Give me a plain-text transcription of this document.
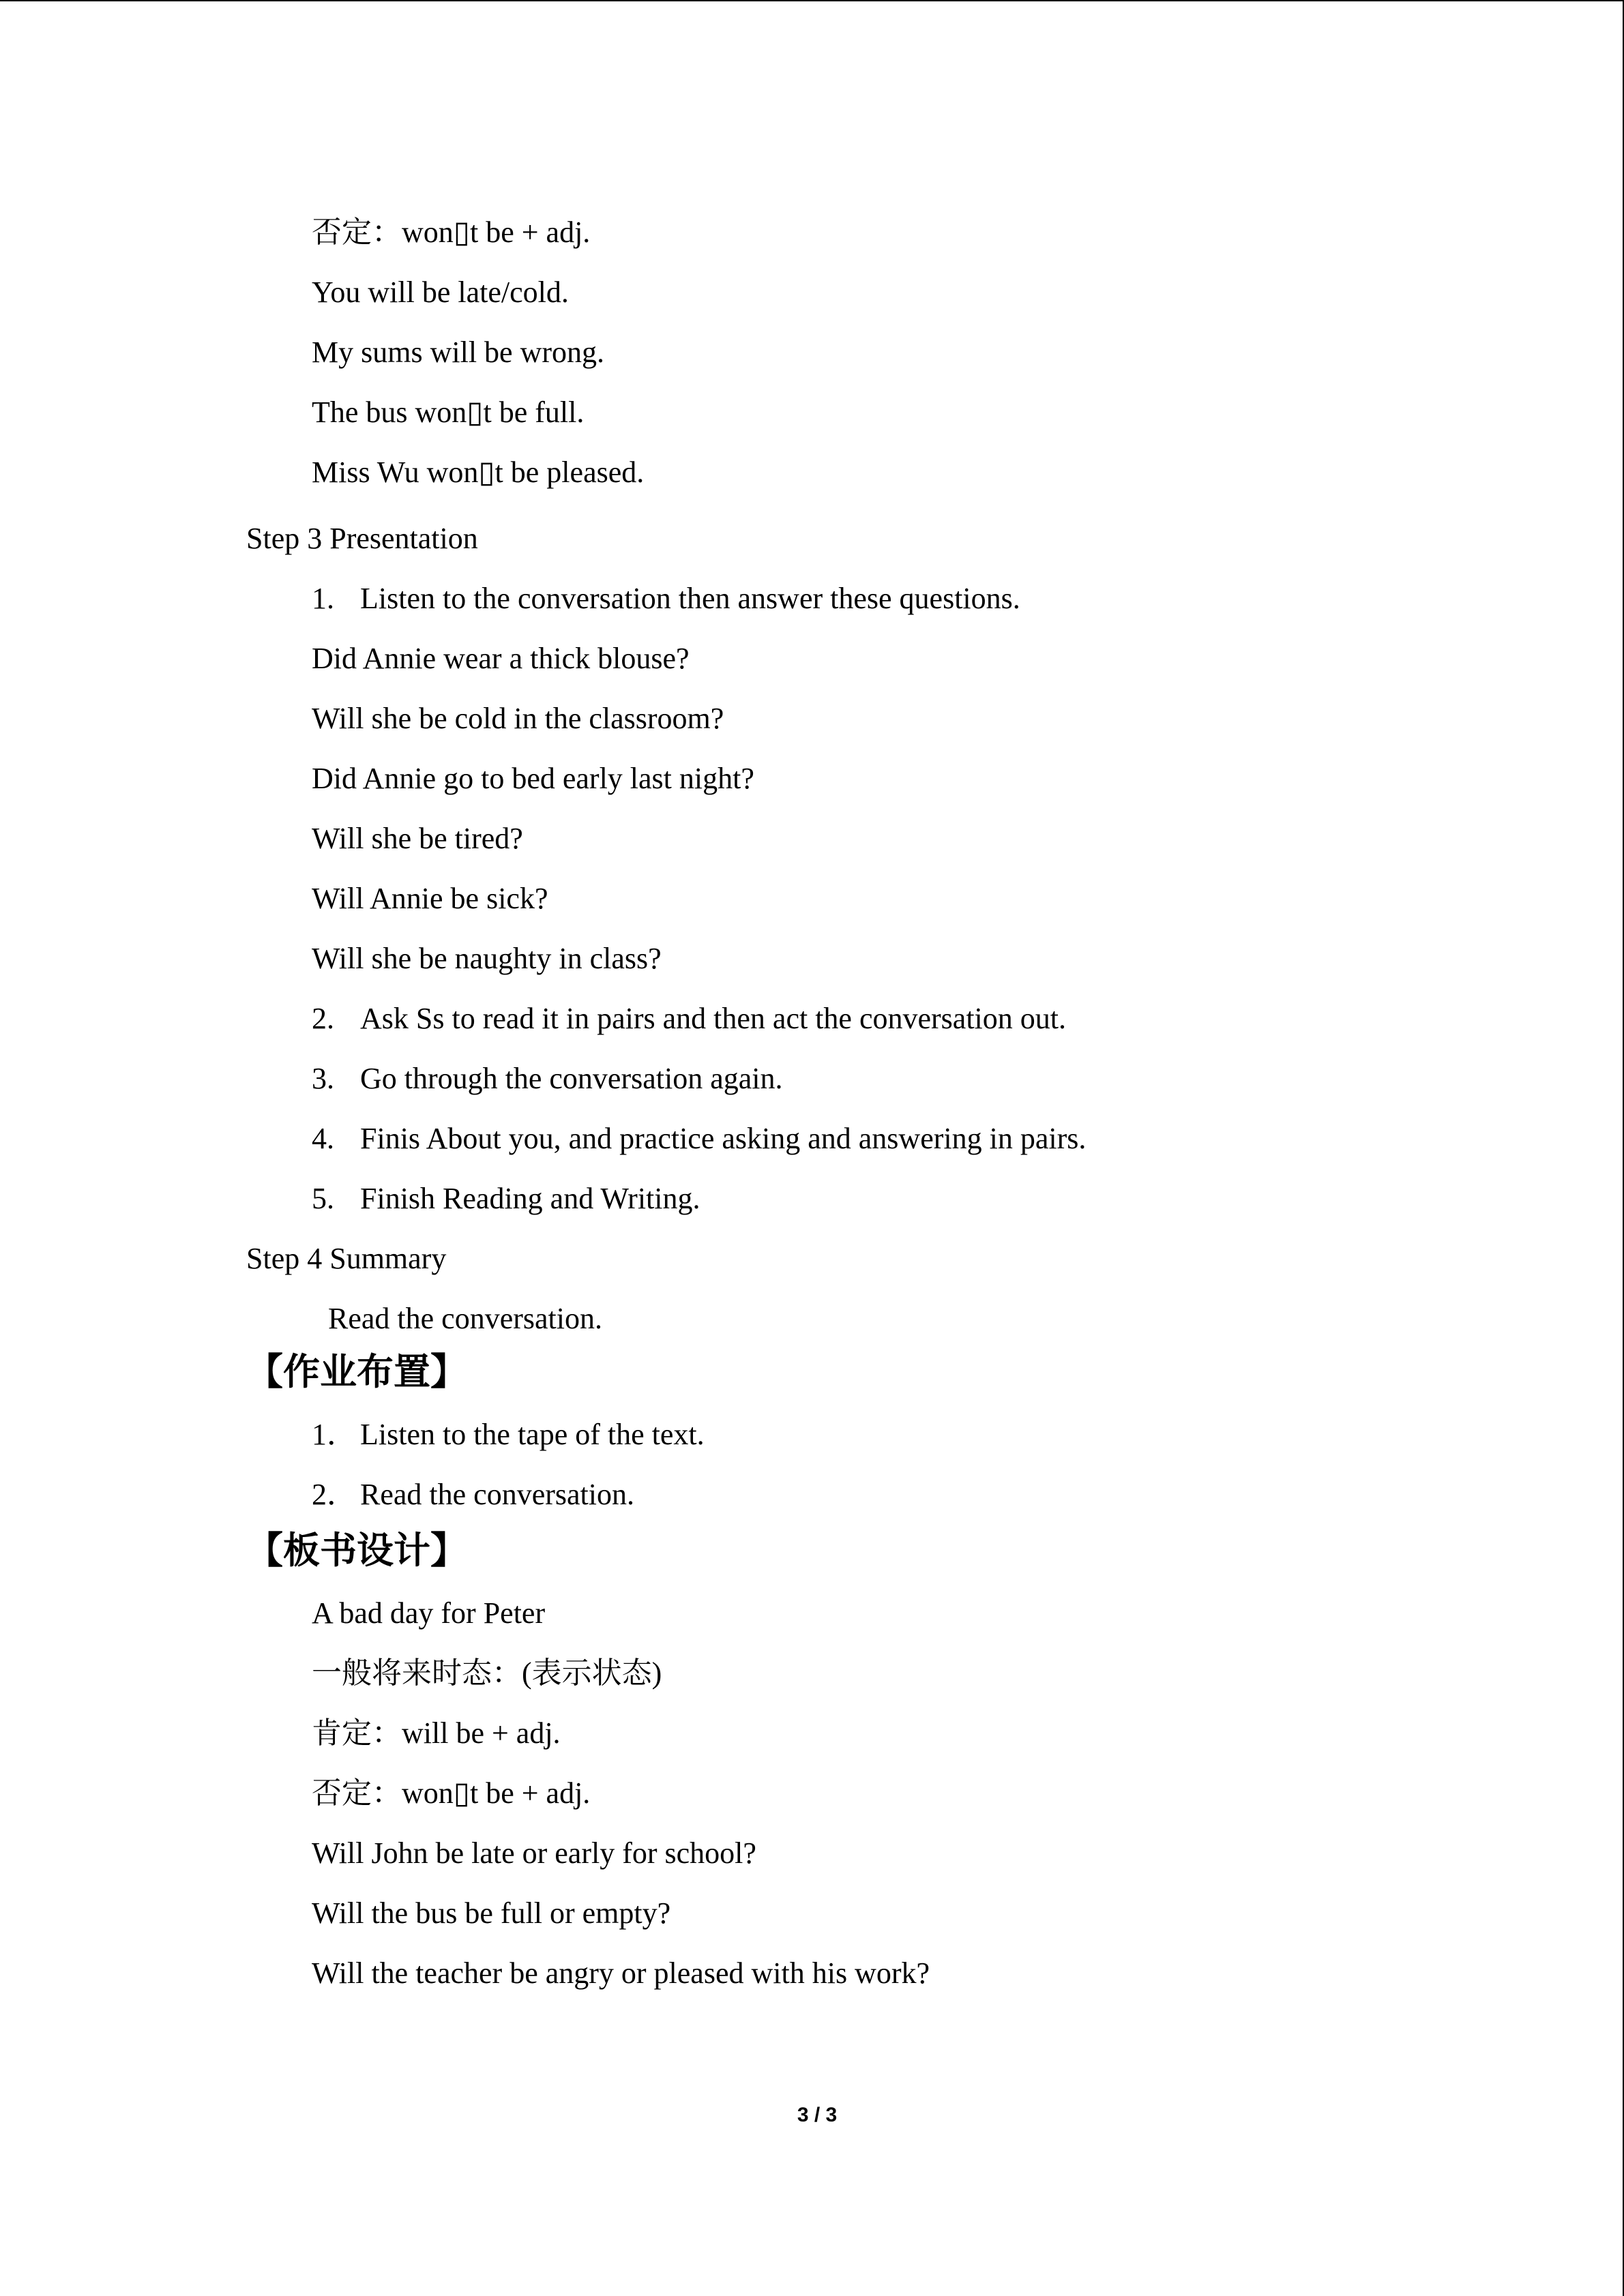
否定：won▯t be + adj.
You will be late/cold.
My sums will be wrong.
The bus won▯t be full.
Miss Wu won▯t be pleased.
Step 3 Presentation
1. Listen to the conversation then answer these questions.
Did Annie wear a thick blouse?
Will she be cold in the classroom?
Did Annie go to bed early last night?
Will she be tired?
Will Annie be sick?
Will she be naughty in class?
2. Ask Ss to read it in pairs and then act the conversation out.
3. Go through the conversation again.
4. Finis About you, and practice asking and answering in pairs.
5. Finish Reading and Writing.
Step 4 Summary
Read the conversation.
【作业布置】
1． Listen to the tape of the text.
2． Read the conversation.
【板书设计】
A bad day for Peter
一般将来时态：(表示状态)
肯定：will be + adj.
否定：won▯t be + adj.
Will John be late or early for school?
Will the bus be full or empty?
Will the teacher be angry or pleased with his work?
3 / 3
